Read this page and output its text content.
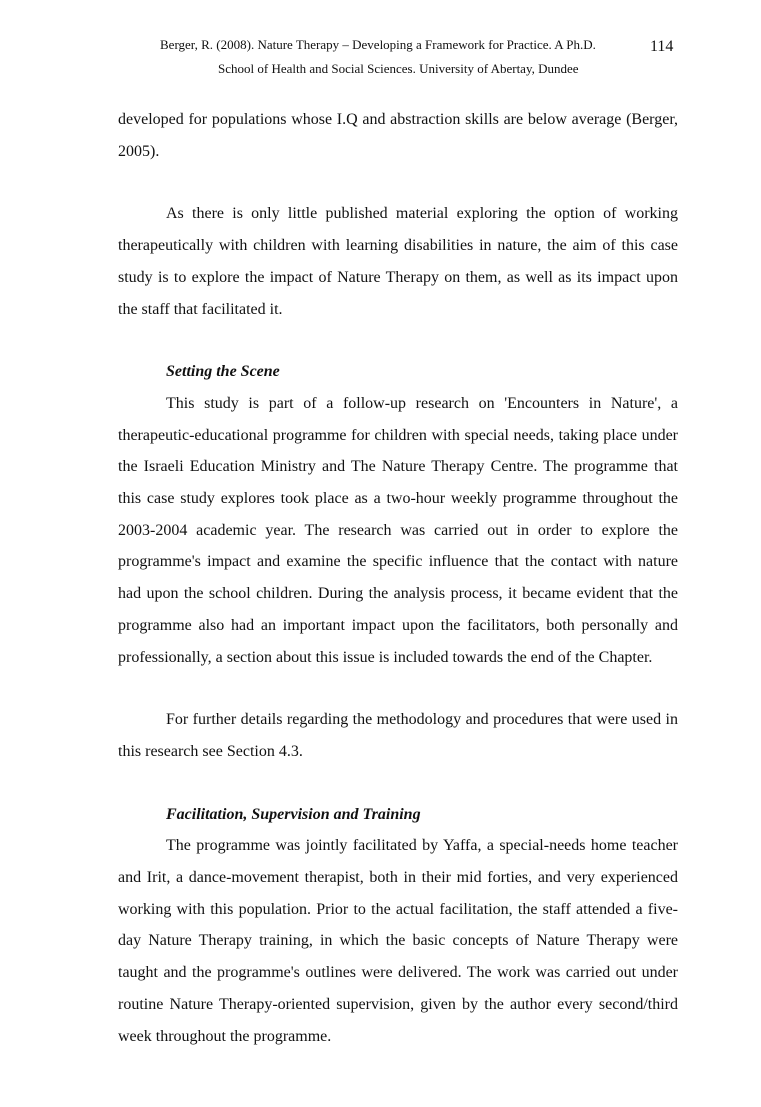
Berger, R. (2008). Nature Therapy – Developing a Framework for Practice. A Ph.D.
School of Health and Social Sciences. University of Abertay, Dundee
114

developed for populations whose I.Q and abstraction skills are below average (Berger, 2005).

As there is only little published material exploring the option of working therapeutically with children with learning disabilities in nature, the aim of this case study is to explore the impact of Nature Therapy on them, as well as its impact upon the staff that facilitated it.

Setting the Scene

This study is part of a follow-up research on 'Encounters in Nature', a therapeutic-educational programme for children with special needs, taking place under the Israeli Education Ministry and The Nature Therapy Centre. The programme that this case study explores took place as a two-hour weekly programme throughout the 2003-2004 academic year. The research was carried out in order to explore the programme's impact and examine the specific influence that the contact with nature had upon the school children. During the analysis process, it became evident that the programme also had an important impact upon the facilitators, both personally and professionally, a section about this issue is included towards the end of the Chapter.

For further details regarding the methodology and procedures that were used in this research see Section 4.3.

Facilitation, Supervision and Training

The programme was jointly facilitated by Yaffa, a special-needs home teacher and Irit, a dance-movement therapist, both in their mid forties, and very experienced working with this population. Prior to the actual facilitation, the staff attended a five-day Nature Therapy training, in which the basic concepts of Nature Therapy were taught and the programme's outlines were delivered. The work was carried out under routine Nature Therapy-oriented supervision, given by the author every second/third week throughout the programme.
